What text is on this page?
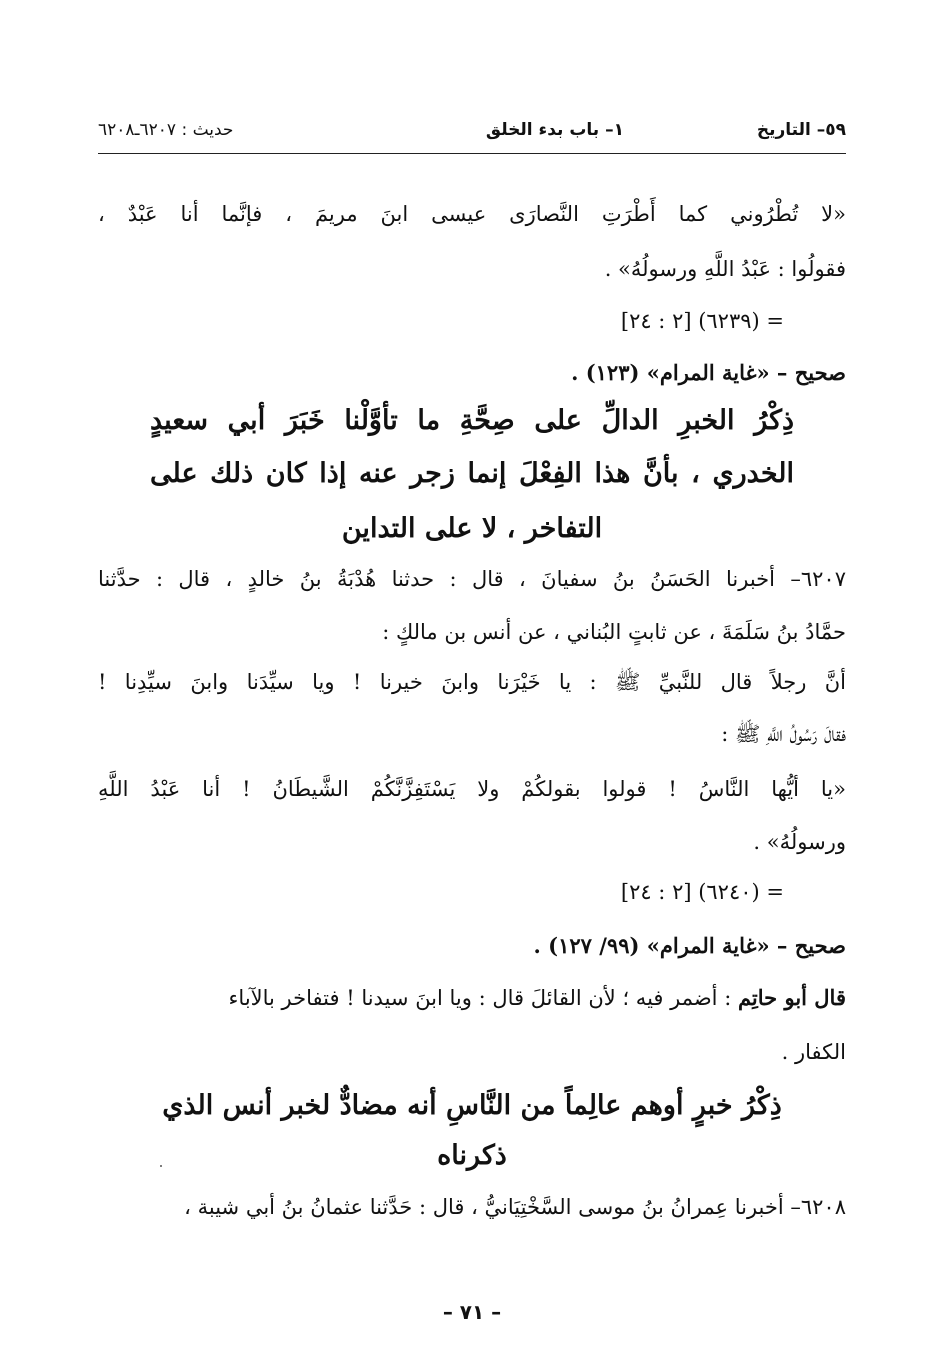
٥٩– التاريخ
١– باب بدء الخلق
حديث : ٦٢٠٧ـ٦٢٠٨
«لا تُطْرُوني كما أَطْرَتِ النَّصارَى عيسى ابنَ مريمَ ، فإنَّما أنا عَبْدٌ ،
فقولُوا : عَبْدُ اللَّهِ ورسولُهُ» .
= (٦٢٣٩) [٢ : ٢٤]
صحيح – «غاية المرام» (١٢٣) .
ذِكْرُ الخبرِ الدالِّ على صِحَّةِ ما تأوَّلْنا خَبَرَ أبي سعيدٍ
الخدري ، بأنَّ هذا الفِعْلَ إنما زجر عنه إذا كان ذلك على
التفاخر ، لا على التداين
٦٢٠٧– أخبرنا الحَسَنُ بنُ سفيانَ ، قال : حدثنا هُدْبَةُ بنُ خالدٍ ، قال : حدَّثنا
حمَّادُ بنُ سَلَمَةَ ، عن ثابتٍ البُناني ، عن أنس بن مالكٍ :
أنَّ رجلاً قال للنَّبيِّ ﷺ : يا خَيْرَنا وابنَ خيرنا ! ويا سيِّدَنا وابنَ سيِّدِنا !
فقالَ رَسُولُ اللَّهِ ﷺ :
«يا أيُّها النَّاسُ ! قولوا بقولكُمْ ولا يَسْتَفِزَّنَّكُمْ الشَّيطَانُ ! أنا عَبْدُ اللَّهِ
ورسولُهُ» .
= (٦٢٤٠) [٢ : ٢٤]
صحيح – «غاية المرام» (٩٩/ ١٢٧) .
قال أبو حاتِم : أضمر فيه ؛ لأن القائلَ قال : ويا ابنَ سيدنا ! فتفاخر بالآباء
الكفار .
ذِكْرُ خبرٍ أوهم عالِماً من النَّاسِ أنه مضادٌّ لخبر أنس الذي
ذكرناه
٦٢٠٨– أخبرنا عِمرانُ بنُ موسى السَّخْتِيَانيُّ ، قال : حَدَّثنا عثمانُ بنُ أبي شيبة ،
– ٧١ –
